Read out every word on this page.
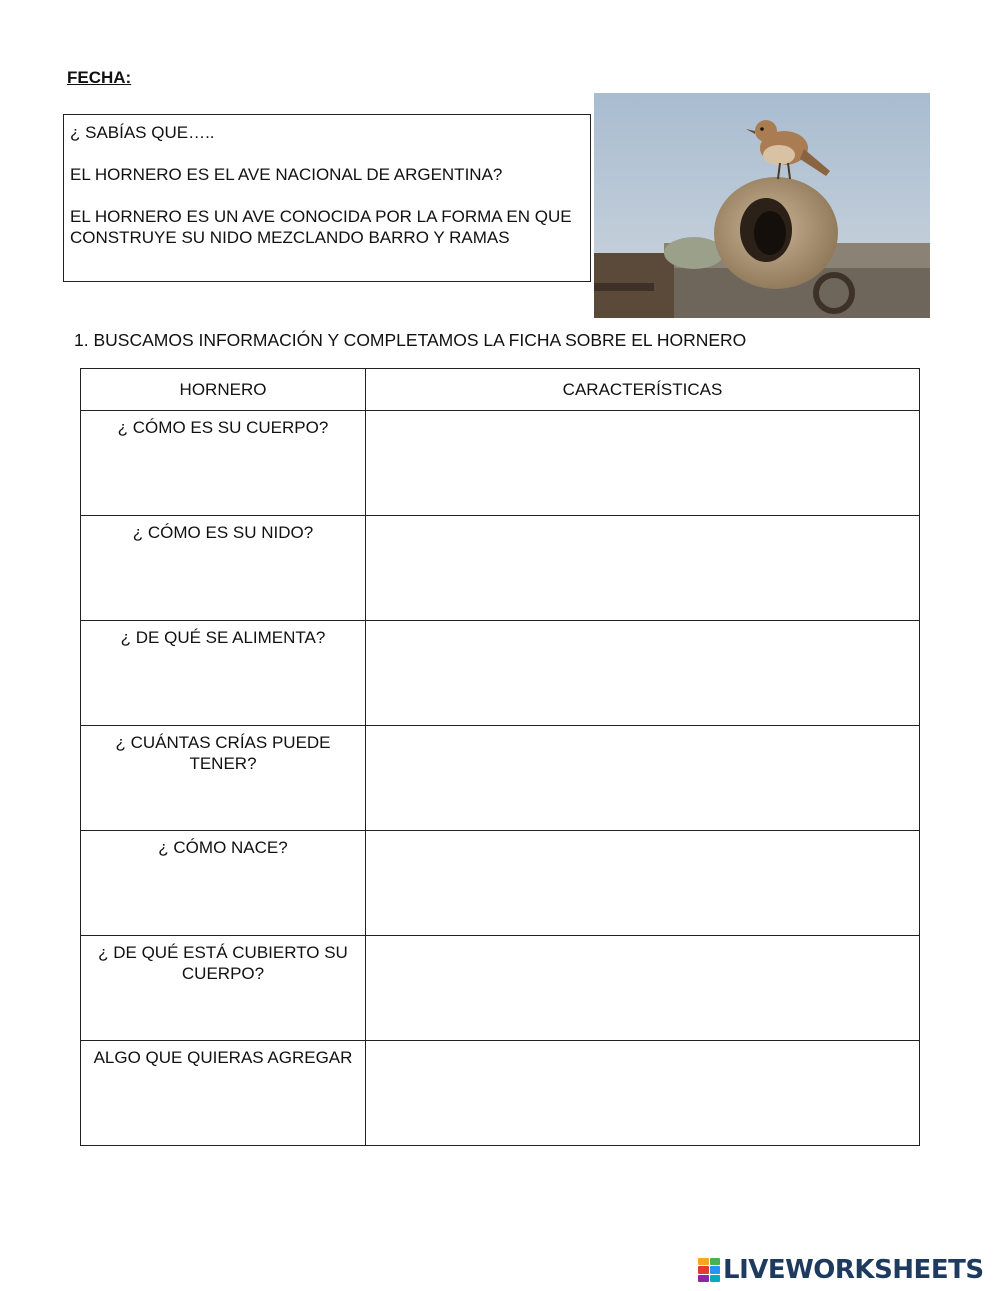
FECHA:

¿ SABÍAS QUE…..

EL HORNERO ES EL AVE NACIONAL DE ARGENTINA?

EL HORNERO ES UN AVE CONOCIDA POR LA FORMA EN QUE CONSTRUYE SU NIDO MEZCLANDO BARRO Y RAMAS

1. BUSCAMOS INFORMACIÓN Y COMPLETAMOS LA FICHA SOBRE EL HORNERO
HORNERO	CARACTERÍSTICAS
¿ CÓMO ES SU CUERPO?	
¿ CÓMO ES SU NIDO?	
¿ DE QUÉ SE ALIMENTA?	
¿ CUÁNTAS CRÍAS PUEDE TENER?	
¿ CÓMO NACE?	
¿ DE QUÉ ESTÁ CUBIERTO SU CUERPO?	
ALGO QUE QUIERAS AGREGAR	
LIVEWORKSHEETS
